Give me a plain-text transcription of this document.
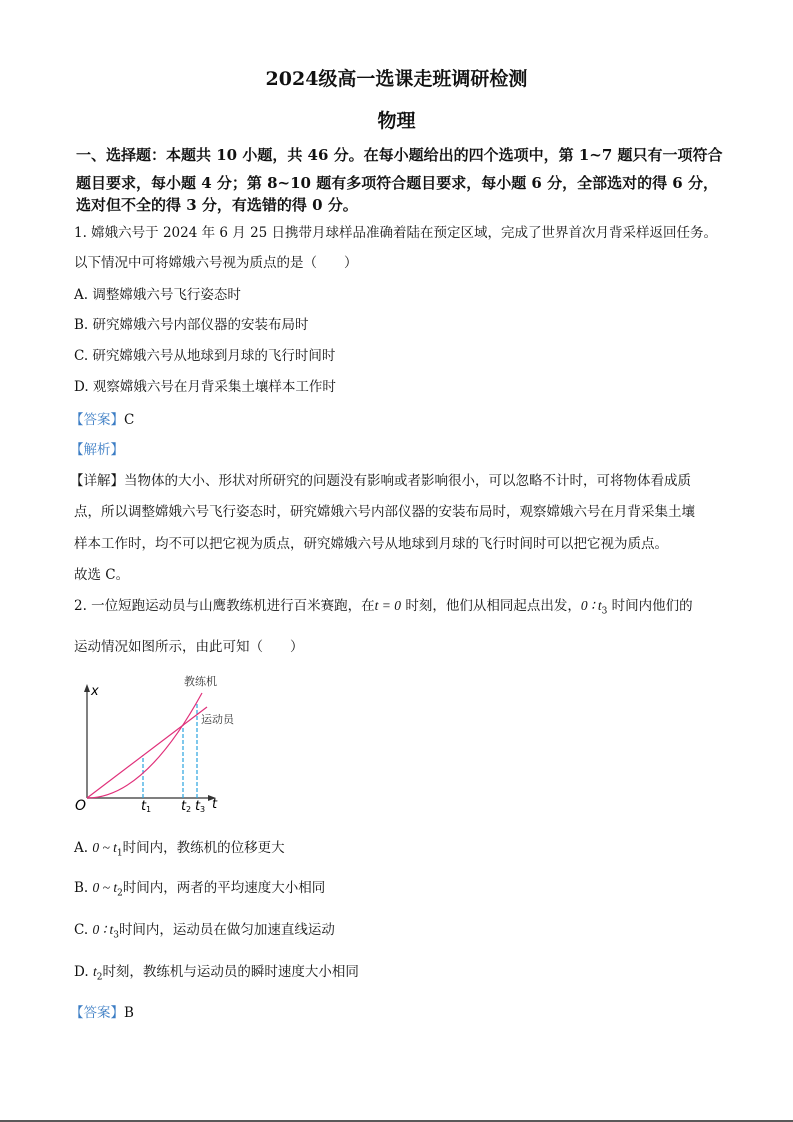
2024级高一选课走班调研检测
物理
一、选择题：本题共 10 小题，共 46 分。在每小题给出的四个选项中，第 1~7 题只有一项符合
题目要求，每小题 4 分；第 8~10 题有多项符合题目要求，每小题 6 分，全部选对的得 6 分，
选对但不全的得 3 分，有选错的得 0 分。
1. 嫦娥六号于 2024 年 6 月 25 日携带月球样品准确着陆在预定区域，完成了世界首次月背采样返回任务。
以下情况中可将嫦娥六号视为质点的是（　　）
A. 调整嫦娥六号飞行姿态时
B. 研究嫦娥六号内部仪器的安装布局时
C. 研究嫦娥六号从地球到月球的飞行时间时
D. 观察嫦娥六号在月背采集土壤样本工作时
【答案】C
【解析】
【详解】当物体的大小、形状对所研究的问题没有影响或者影响很小，可以忽略不计时，可将物体看成质
点，所以调整嫦娥六号飞行姿态时，研究嫦娥六号内部仪器的安装布局时，观察嫦娥六号在月背采集土壤
样本工作时，均不可以把它视为质点，研究嫦娥六号从地球到月球的飞行时间时可以把它视为质点。
故选 C。
2. 一位短跑运动员与山鹰教练机进行百米赛跑，在t = 0 时刻，他们从相同起点出发，0 ∶ $t_3$ 时间内他们的
运动情况如图所示，由此可知（　　）
x
t
O	t 1 t 2 t 3
教练机
运动员
A. 0 ~ $t_1$时间内，教练机的位移更大
B. 0 ~ $t_2$时间内，两者的平均速度大小相同
C. 0 ∶ $t_3$时间内，运动员在做匀加速直线运动
D. $t_2$时刻，教练机与运动员的瞬时速度大小相同
【答案】B
